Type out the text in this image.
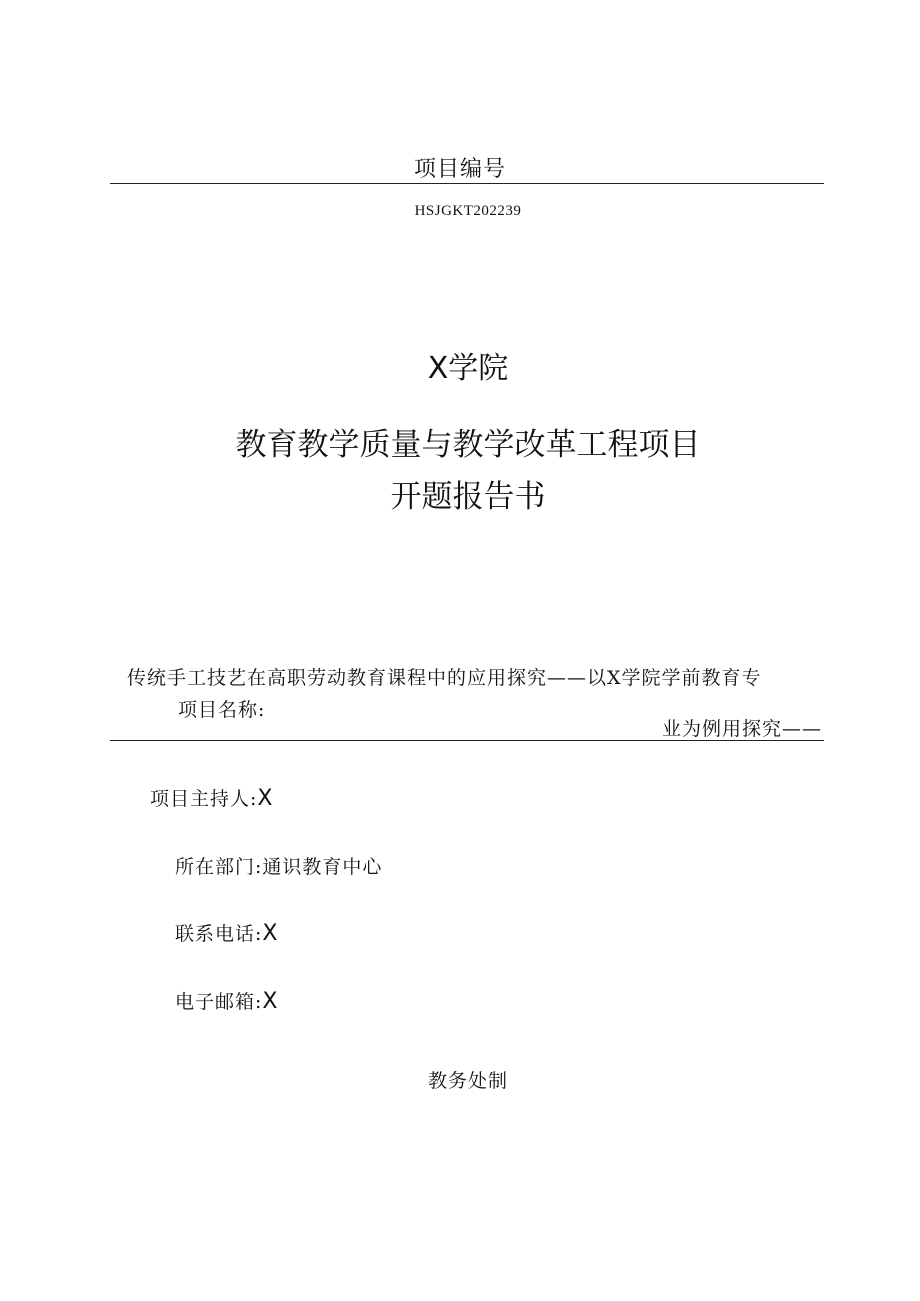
项目编号
HSJGKT202239
X学院
教育教学质量与教学改革工程项目
开题报告书
传统手工技艺在高职劳动教育课程中的应用探究——以X学院学前教育专
项目名称:
业为例用探究——
项目主持人:X
所在部门:通识教育中心
联系电话:X
电子邮箱:X
教务处制
